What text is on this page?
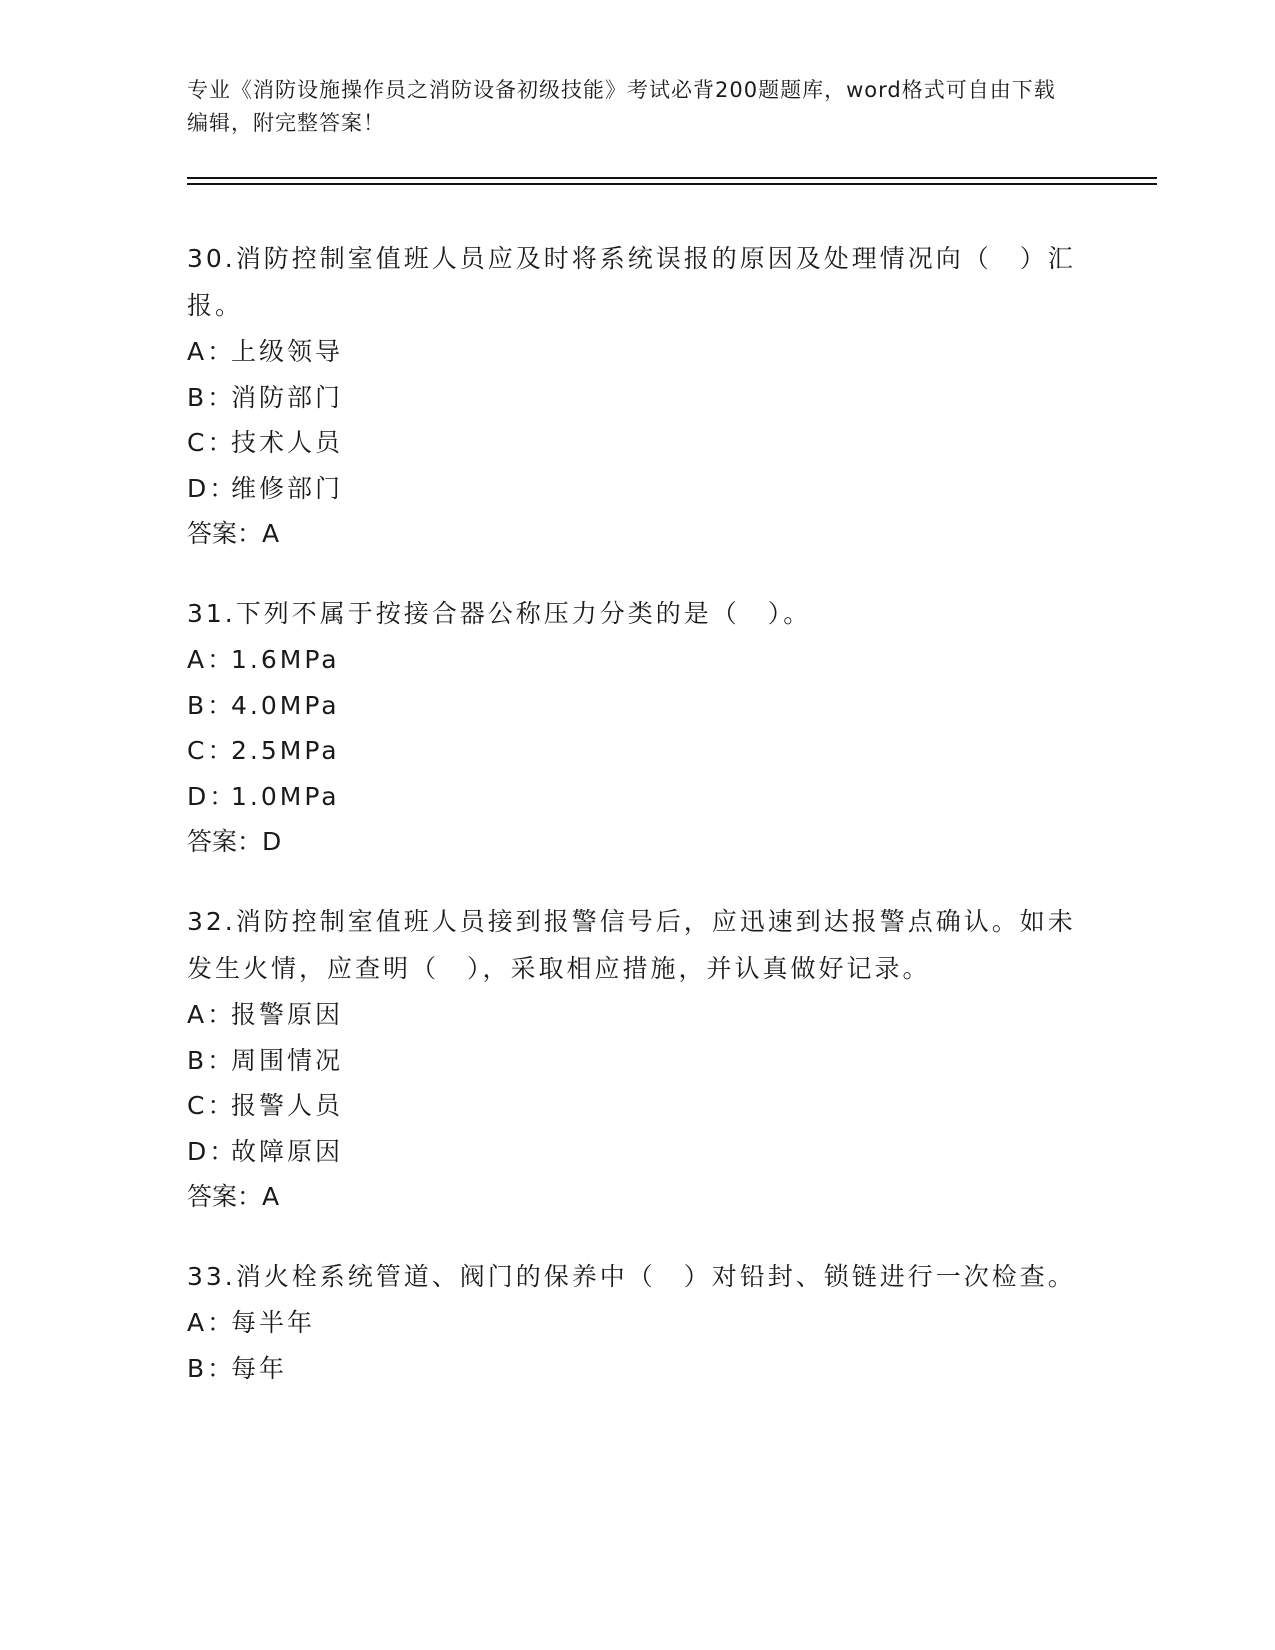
专业《消防设施操作员之消防设备初级技能》考试必背200题题库，word格式可自由下载编辑，附完整答案！

30.消防控制室值班人员应及时将系统误报的原因及处理情况向（　）汇报。

A：
上级领导

B：
消防部门

C：
技术人员

D：
维修部门

答案：A

31.下列不属于按接合器公称压力分类的是（　）。

A：
1.6MPa

B：
4.0MPa

C：
2.5MPa

D：
1.0MPa

答案：D

32.消防控制室值班人员接到报警信号后，应迅速到达报警点确认。如未发生火情，应查明（　），采取相应措施，并认真做好记录。

A：
报警原因

B：
周围情况

C：
报警人员

D：
故障原因

答案：A

33.消火栓系统管道、阀门的保养中（　）对铅封、锁链进行一次检查。

A：
每半年

B：
每年
